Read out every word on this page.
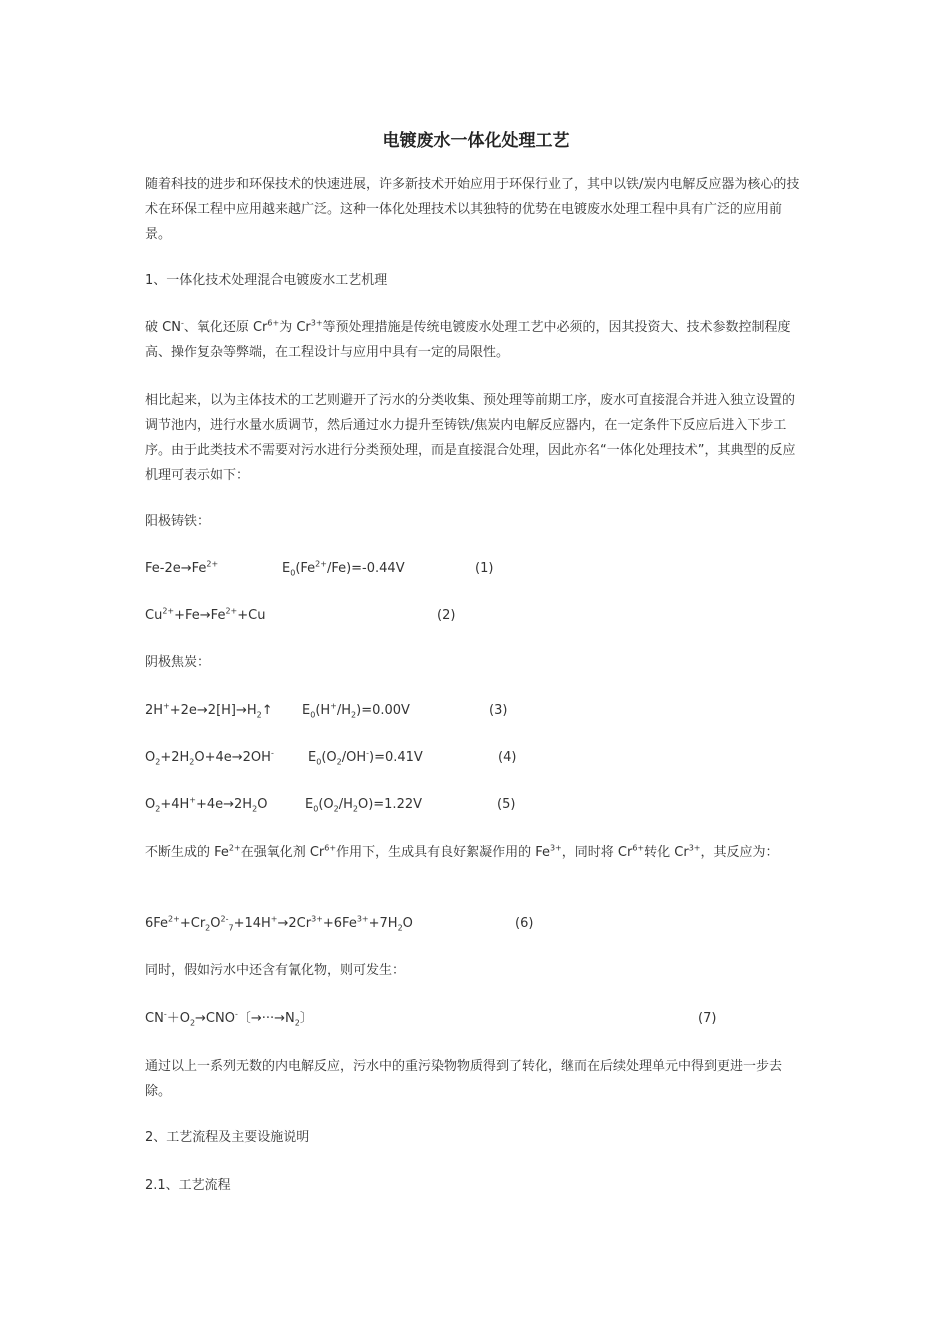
电镀废水一体化处理工艺

随着科技的进步和环保技术的快速进展，许多新技术开始应用于环保行业了，其中以铁/炭内电解反应器为核心的技术在环保工程中应用越来越广泛。这种一体化处理技术以其独特的优势在电镀废水处理工程中具有广泛的应用前景。

1、一体化技术处理混合电镀废水工艺机理

破 CN-、氧化还原 $Cr^{6+}$为 $Cr^{3+}$等预处理措施是传统电镀废水处理工艺中必须的，因其投资大、技术参数控制程度高、操作复杂等弊端，在工程设计与应用中具有一定的局限性。

相比起来，以为主体技术的工艺则避开了污水的分类收集、预处理等前期工序，废水可直接混合并进入独立设置的调节池内，进行水量水质调节，然后通过水力提升至铸铁/焦炭内电解反应器内，在一定条件下反应后进入下步工序。由于此类技术不需要对污水进行分类预处理，而是直接混合处理，因此亦名“一体化处理技术”，其典型的反应机理可表示如下：

阳极铸铁：
$Fe-2e\to Fe^{2+}$	$E_0(Fe^{2+}/Fe)=-0.44V$	(1)
$Cu^{2+}+Fe\to Fe^{2+}+Cu$	(2)
阴极焦炭：
$2H^++2e\to 2[H]\to H_2↑$ $E_0(H^+/H_2)=0.00V$	(3)
$O_2+2H_2O+4e\to 2OH^-$	$E_0(O_2/OH^-)=0.41V$	(4)
$O_2+4H^++4e\to 2H_2O$	$E_0(O_2/H_2O)=1.22V$	(5)

不断生成的 $Fe^{2+}$在强氧化剂 $Cr^{6+}$作用下，生成具有良好絮凝作用的 $Fe^{3+}$，同时将 $Cr^{6+}$转化 $Cr^{3+}$，其反应为：

$6Fe^{2+}+Cr_2O^{2-}_7+14H^+\to 2Cr^{3+}+6Fe^{3+}+7H_2O$	(6)
同时，假如污水中还含有氰化物，则可发生：
$CN^-+O_2\to CNO^-$〔$\to\cdot\cdot\cdot\to N_2$〕	(7)

通过以上一系列无数的内电解反应，污水中的重污染物物质得到了转化，继而在后续处理单元中得到更进一步去除。

2、工艺流程及主要设施说明
2.1、工艺流程
